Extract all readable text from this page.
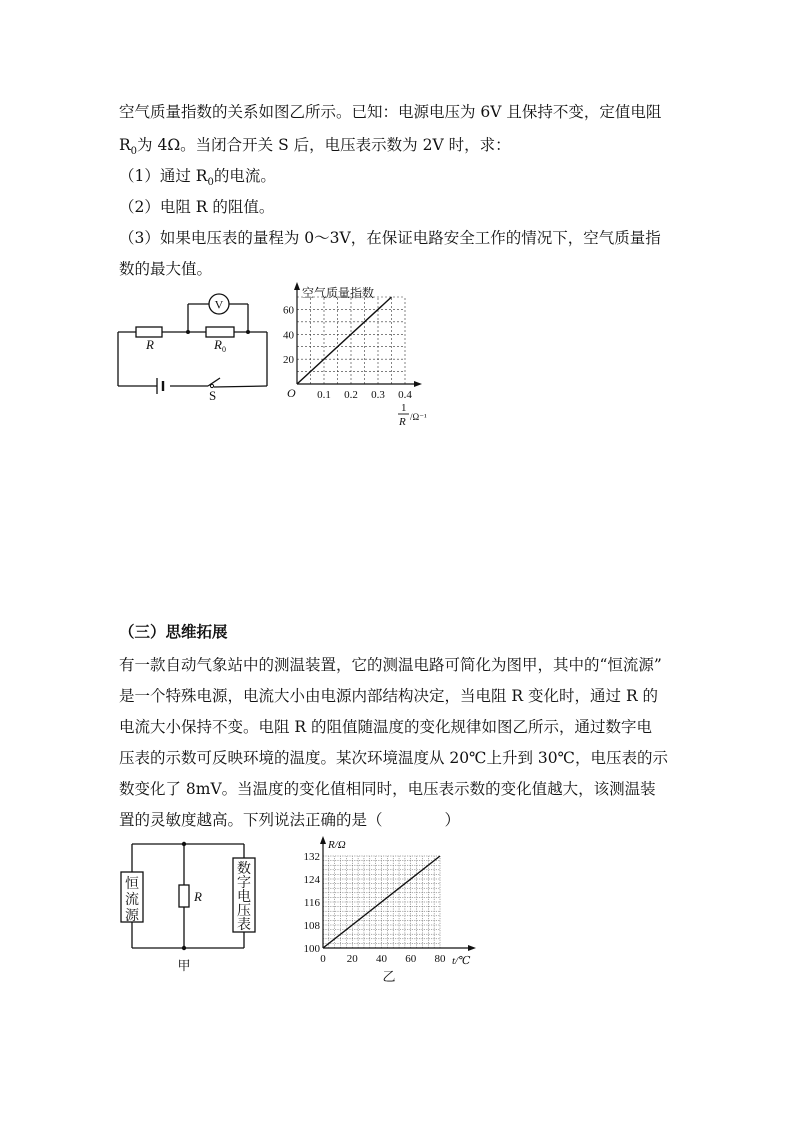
空气质量指数的关系如图乙所示。已知：电源电压为 6V 且保持不变，定值电阻
$R_0$为 4Ω。当闭合开关 S 后，电压表示数为 2V 时，求：
（1）通过 $R_0$的电流。
（2）电阻 R 的阻值。
（3）如果电压表的量程为 0～3V，在保证电路安全工作的情况下，空气质量指
数的最大值。
V
R	$R_0$
S
空气质量指数
O
20
40
60
0.1 0.2 0.3 0.4
1
R /Ω⁻¹
（三）思维拓展
有一款自动气象站中的测温装置，它的测温电路可简化为图甲，其中的“恒流源”
是一个特殊电源，电流大小由电源内部结构决定，当电阻 R 变化时，通过 R 的
电流大小保持不变。电阻 R 的阻值随温度的变化规律如图乙所示，通过数字电
压表的示数可反映环境的温度。某次环境温度从 20℃上升到 30℃，电压表的示
数变化了 8mV。当温度的变化值相同时，电压表示数的变化值越大，该测温装
置的灵敏度越高。下列说法正确的是（　　　　）
恒
流
源
R
数
字
电
压
表
甲
R/Ω
t/℃
100
108
116
124
132
0 20 40 60 80
乙
